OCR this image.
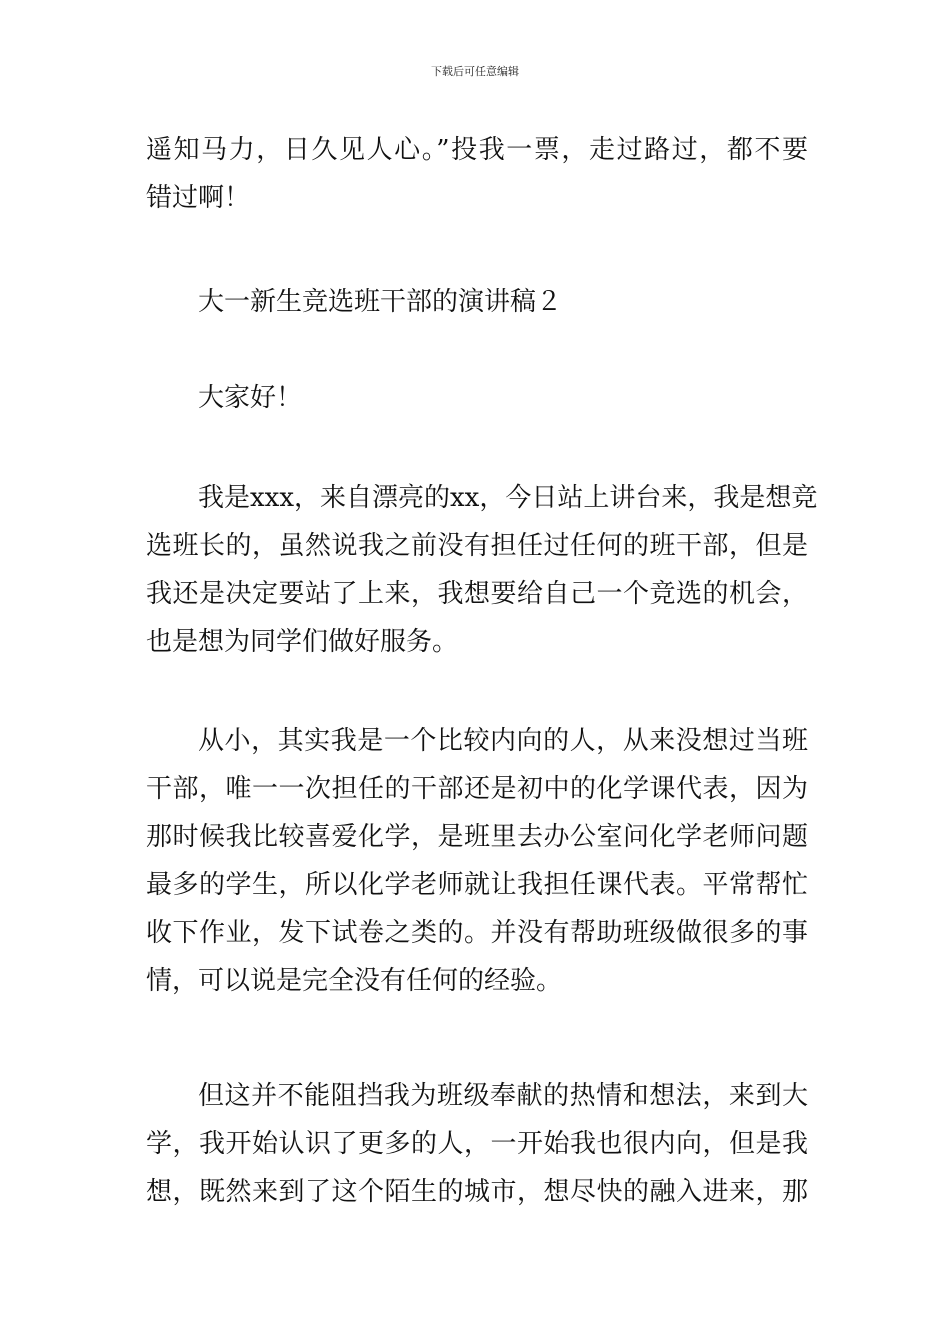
下载后可任意编辑
遥知马力，日久见人心。”投我一票，走过路过，都不要
错过啊！
大一新生竞选班干部的演讲稿２
大家好！
我是xxx，来自漂亮的xx，今日站上讲台来，我是想竞
选班长的，虽然说我之前没有担任过任何的班干部，但是
我还是决定要站了上来，我想要给自己一个竞选的机会，
也是想为同学们做好服务。
从小，其实我是一个比较内向的人，从来没想过当班
干部，唯一一次担任的干部还是初中的化学课代表，因为
那时候我比较喜爱化学，是班里去办公室问化学老师问题
最多的学生，所以化学老师就让我担任课代表。平常帮忙
收下作业，发下试卷之类的。并没有帮助班级做很多的事
情，可以说是完全没有任何的经验。
但这并不能阻挡我为班级奉献的热情和想法，来到大
学，我开始认识了更多的人，一开始我也很内向，但是我
想，既然来到了这个陌生的城市，想尽快的融入进来，那
